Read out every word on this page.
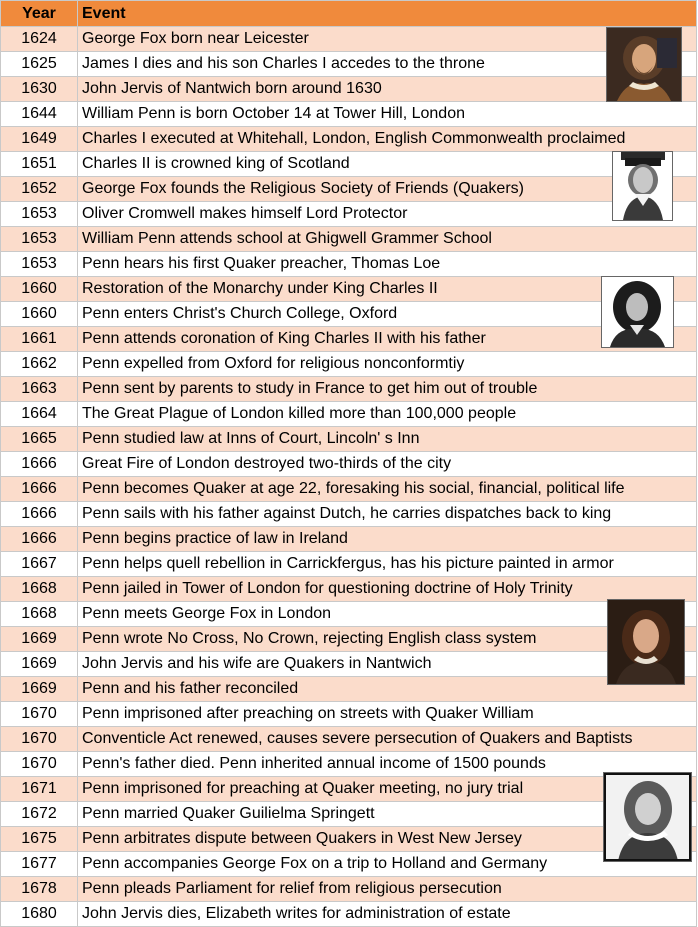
Year	Event
1624	George Fox born near Leicester
1625	James I dies and his son Charles I accedes to the throne
1630	John Jervis of Nantwich born around 1630
1644	William Penn is born October 14 at Tower Hill, London
1649	Charles I executed at Whitehall, London, English Commonwealth proclaimed
1651	Charles II is crowned king of Scotland
1652	George Fox founds the Religious Society of Friends (Quakers)
1653	Oliver Cromwell makes himself Lord Protector
1653	William Penn attends school at Ghigwell Grammer School
1653	Penn hears his first Quaker preacher, Thomas Loe
1660	Restoration of the Monarchy under King Charles II
1660	Penn enters Christ's Church College, Oxford
1661	Penn attends coronation of King Charles II with his father
1662	Penn expelled from Oxford for religious nonconformtiy
1663	Penn sent by parents to study in France to get him out of trouble
1664	The Great Plague of London killed more than 100,000 people
1665	Penn studied law at Inns of Court, Lincoln' s Inn
1666	Great Fire of London destroyed two-thirds of the city
1666	Penn becomes Quaker at age 22, foresaking his social, financial, political life
1666	Penn sails with his father against Dutch, he carries dispatches back to king
1666	Penn begins practice of law in Ireland
1667	Penn helps quell rebellion in Carrickfergus, has his picture painted in armor
1668	Penn jailed in Tower of London for questioning doctrine of Holy Trinity
1668	Penn meets George Fox in London
1669	Penn wrote No Cross, No Crown, rejecting English class system
1669	John Jervis and his wife are Quakers in Nantwich
1669	Penn and his father reconciled
1670	Penn imprisoned after preaching on streets with Quaker William
1670	Conventicle Act renewed, causes severe persecution of Quakers and Baptists
1670	Penn's father died. Penn inherited annual income of 1500 pounds
1671	Penn imprisoned for preaching at Quaker meeting, no jury trial
1672	Penn married Quaker Guilielma Springett
1675	Penn arbitrates dispute between Quakers in West New Jersey
1677	Penn accompanies George Fox on a trip to Holland and Germany
1678	Penn pleads Parliament for relief from religious persecution
1680	John Jervis dies, Elizabeth writes for administration of estate
